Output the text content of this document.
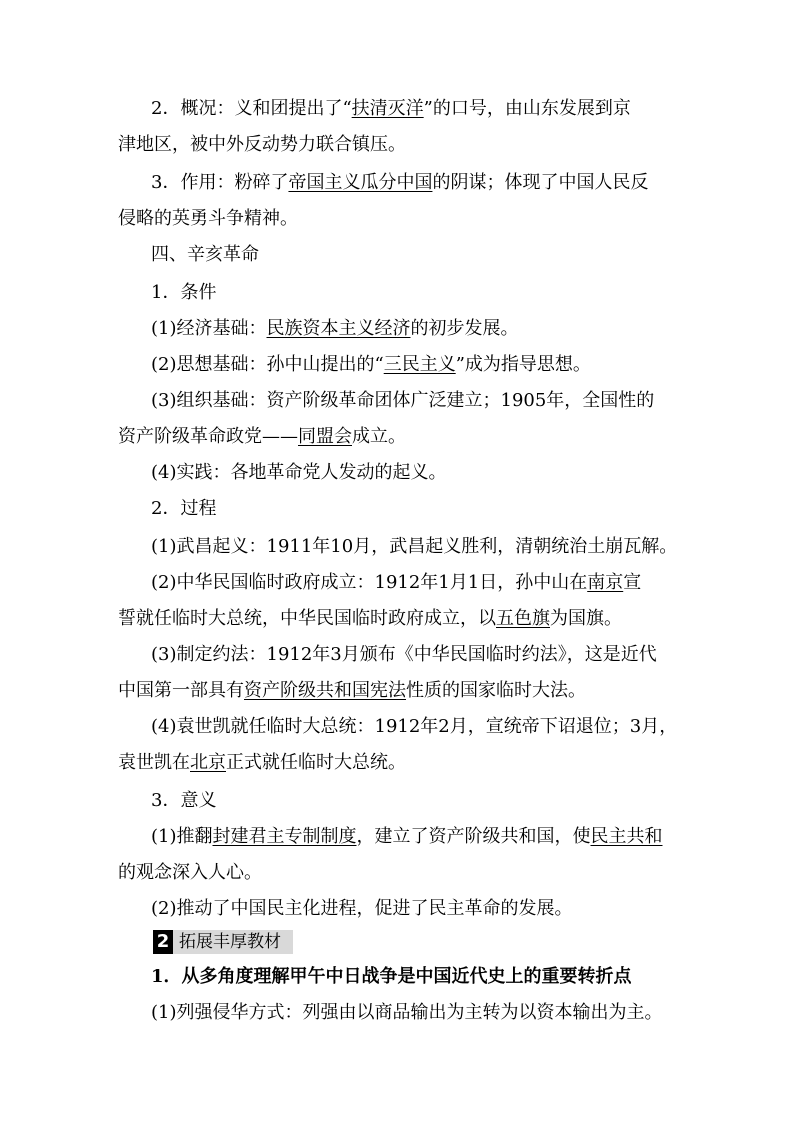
2．概况：义和团提出了“扶清灭洋”的口号，由山东发展到京
津地区，被中外反动势力联合镇压。
3．作用：粉碎了帝国主义瓜分中国的阴谋；体现了中国人民反
侵略的英勇斗争精神。
四、辛亥革命
1．条件
(1)经济基础：民族资本主义经济的初步发展。
(2)思想基础：孙中山提出的“三民主义”成为指导思想。
(3)组织基础：资产阶级革命团体广泛建立；1905年，全国性的
资产阶级革命政党——同盟会成立。
(4)实践：各地革命党人发动的起义。
2．过程
(1)武昌起义：1911年10月，武昌起义胜利，清朝统治土崩瓦解。
(2)中华民国临时政府成立：1912年1月1日，孙中山在南京宣
誓就任临时大总统，中华民国临时政府成立，以五色旗为国旗。
(3)制定约法：1912年3月颁布《中华民国临时约法》，这是近代
中国第一部具有资产阶级共和国宪法性质的国家临时大法。
(4)袁世凯就任临时大总统：1912年2月，宣统帝下诏退位；3月，
袁世凯在北京正式就任临时大总统。
3．意义
(1)推翻封建君主专制制度，建立了资产阶级共和国，使民主共和
的观念深入人心。
(2)推动了中国民主化进程，促进了民主革命的发展。
2 拓展丰厚教材
1．从多角度理解甲午中日战争是中国近代史上的重要转折点
(1)列强侵华方式：列强由以商品输出为主转为以资本输出为主。
